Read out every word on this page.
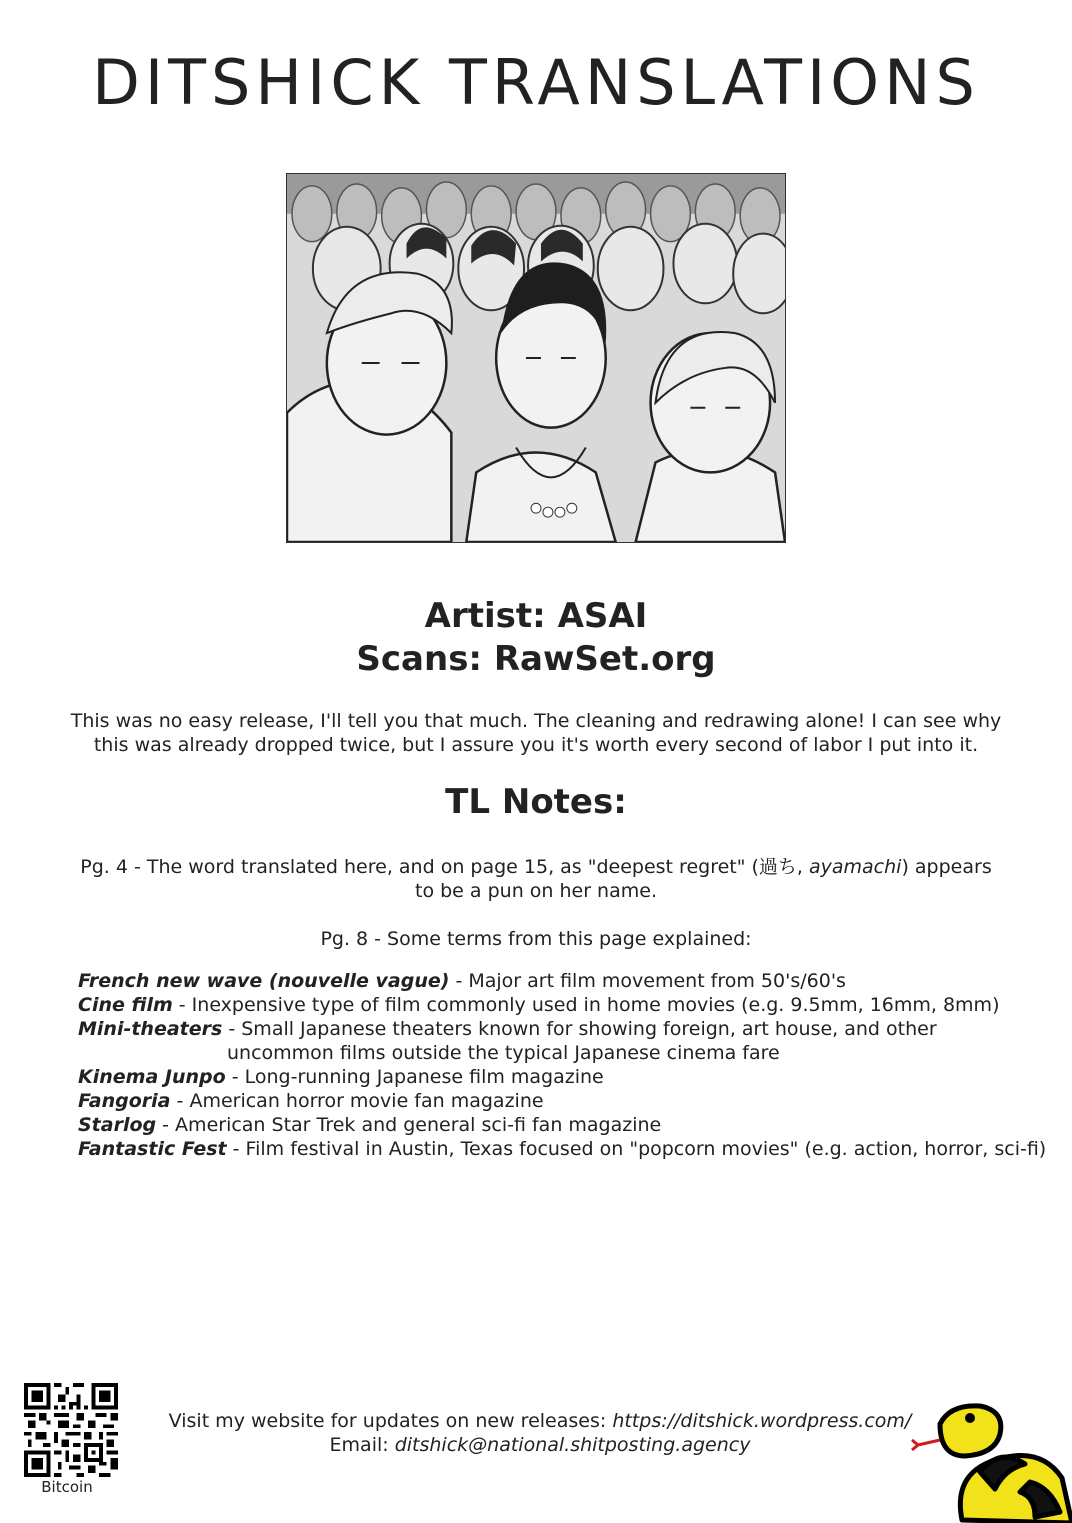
DITSHICK TRANSLATIONS
Artist: ASAI
Scans: RawSet.org
This was no easy release, I'll tell you that much. The cleaning and redrawing alone! I can see why this was already dropped twice, but I assure you it's worth every second of labor I put into it.
TL Notes:
Pg. 4 - The word translated here, and on page 15, as "deepest regret" (過ち, ayamachi) appears to be a pun on her name.
Pg. 8 - Some terms from this page explained:
French new wave (nouvelle vague) - Major art film movement from 50's/60's
Cine film - Inexpensive type of film commonly used in home movies (e.g. 9.5mm, 16mm, 8mm)
Mini-theaters - Small Japanese theaters known for showing foreign, art house, and other
uncommon films outside the typical Japanese cinema fare
Kinema Junpo - Long-running Japanese film magazine
Fangoria - American horror movie fan magazine
Starlog - American Star Trek and general sci-fi fan magazine
Fantastic Fest - Film festival in Austin, Texas focused on "popcorn movies" (e.g. action, horror, sci-fi)
Bitcoin
Visit my website for updates on new releases: https://ditshick.wordpress.com/
Email: ditshick@national.shitposting.agency
